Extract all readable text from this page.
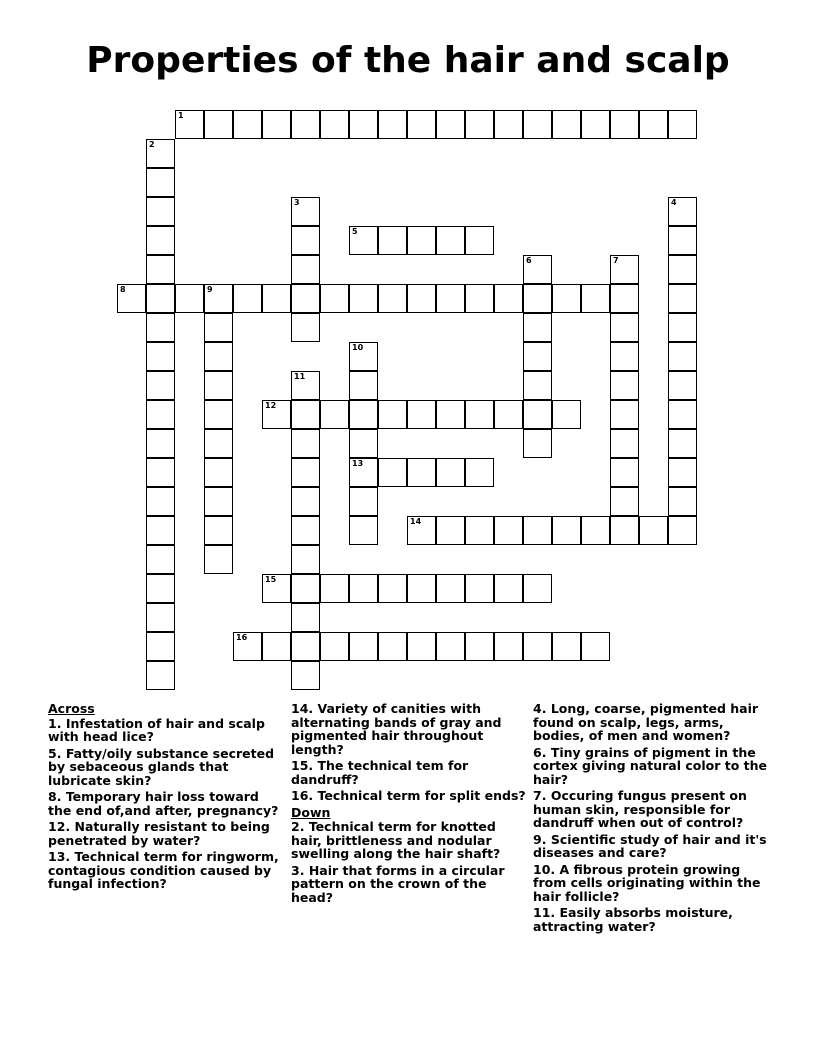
Properties of the hair and scalp
1
2
3	4
5
6	7
8	9
10
13
11
12
14
15
16
Across
1. Infestation of hair and scalp with head lice?
5. Fatty/oily substance secreted by sebaceous glands that lubricate skin?
8. Temporary hair loss toward the end of,and after, pregnancy?
12. Naturally resistant to being penetrated by water?
13. Technical term for ringworm, contagious condition caused by fungal infection?
14. Variety of canities with alternating bands of gray and pigmented hair throughout length?
15. The technical tem for dandruff?
16. Technical term for split ends?
Down
2. Technical term for knotted hair, brittleness and nodular swelling along the hair shaft?
3. Hair that forms in a circular pattern on the crown of the head?
4. Long, coarse, pigmented hair found on scalp, legs, arms, bodies, of men and women?
6. Tiny grains of pigment in the cortex giving natural color to the hair?
7. Occuring fungus present on human skin, responsible for dandruff when out of control?
9. Scientific study of hair and it's diseases and care?
10. A fibrous protein growing from cells originating within the hair follicle?
11. Easily absorbs moisture, attracting water?
